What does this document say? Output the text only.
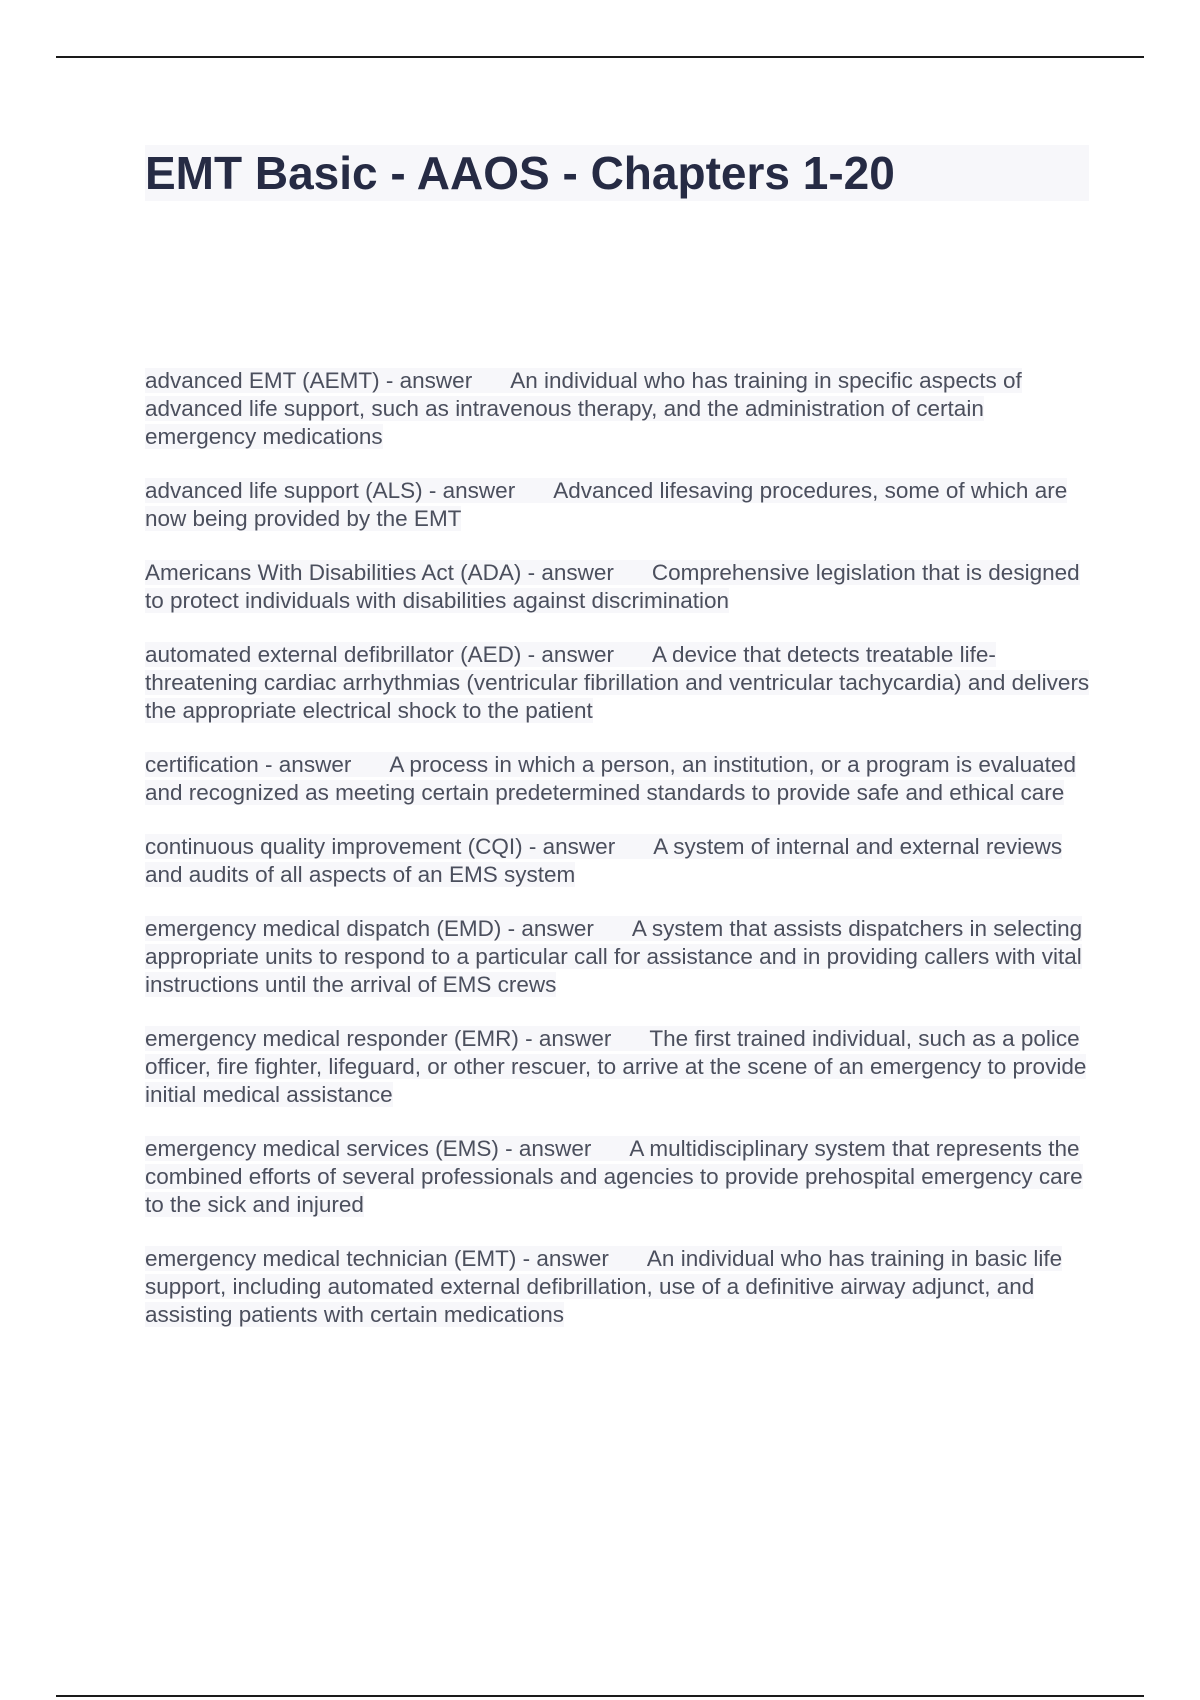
EMT Basic - AAOS - Chapters 1-20
advanced EMT (AEMT) - answer An individual who has training in specific aspects of advanced life support, such as intravenous therapy, and the administration of certain emergency medications
advanced life support (ALS) - answer Advanced lifesaving procedures, some of which are now being provided by the EMT
Americans With Disabilities Act (ADA) - answer Comprehensive legislation that is designed to protect individuals with disabilities against discrimination
automated external defibrillator (AED) - answer A device that detects treatable life-threatening cardiac arrhythmias (ventricular fibrillation and ventricular tachycardia) and delivers the appropriate electrical shock to the patient
certification - answer A process in which a person, an institution, or a program is evaluated and recognized as meeting certain predetermined standards to provide safe and ethical care
continuous quality improvement (CQI) - answer A system of internal and external reviews and audits of all aspects of an EMS system
emergency medical dispatch (EMD) - answer A system that assists dispatchers in selecting appropriate units to respond to a particular call for assistance and in providing callers with vital instructions until the arrival of EMS crews
emergency medical responder (EMR) - answer The first trained individual, such as a police officer, fire fighter, lifeguard, or other rescuer, to arrive at the scene of an emergency to provide initial medical assistance
emergency medical services (EMS) - answer A multidisciplinary system that represents the combined efforts of several professionals and agencies to provide prehospital emergency care to the sick and injured
emergency medical technician (EMT) - answer An individual who has training in basic life support, including automated external defibrillation, use of a definitive airway adjunct, and assisting patients with certain medications
